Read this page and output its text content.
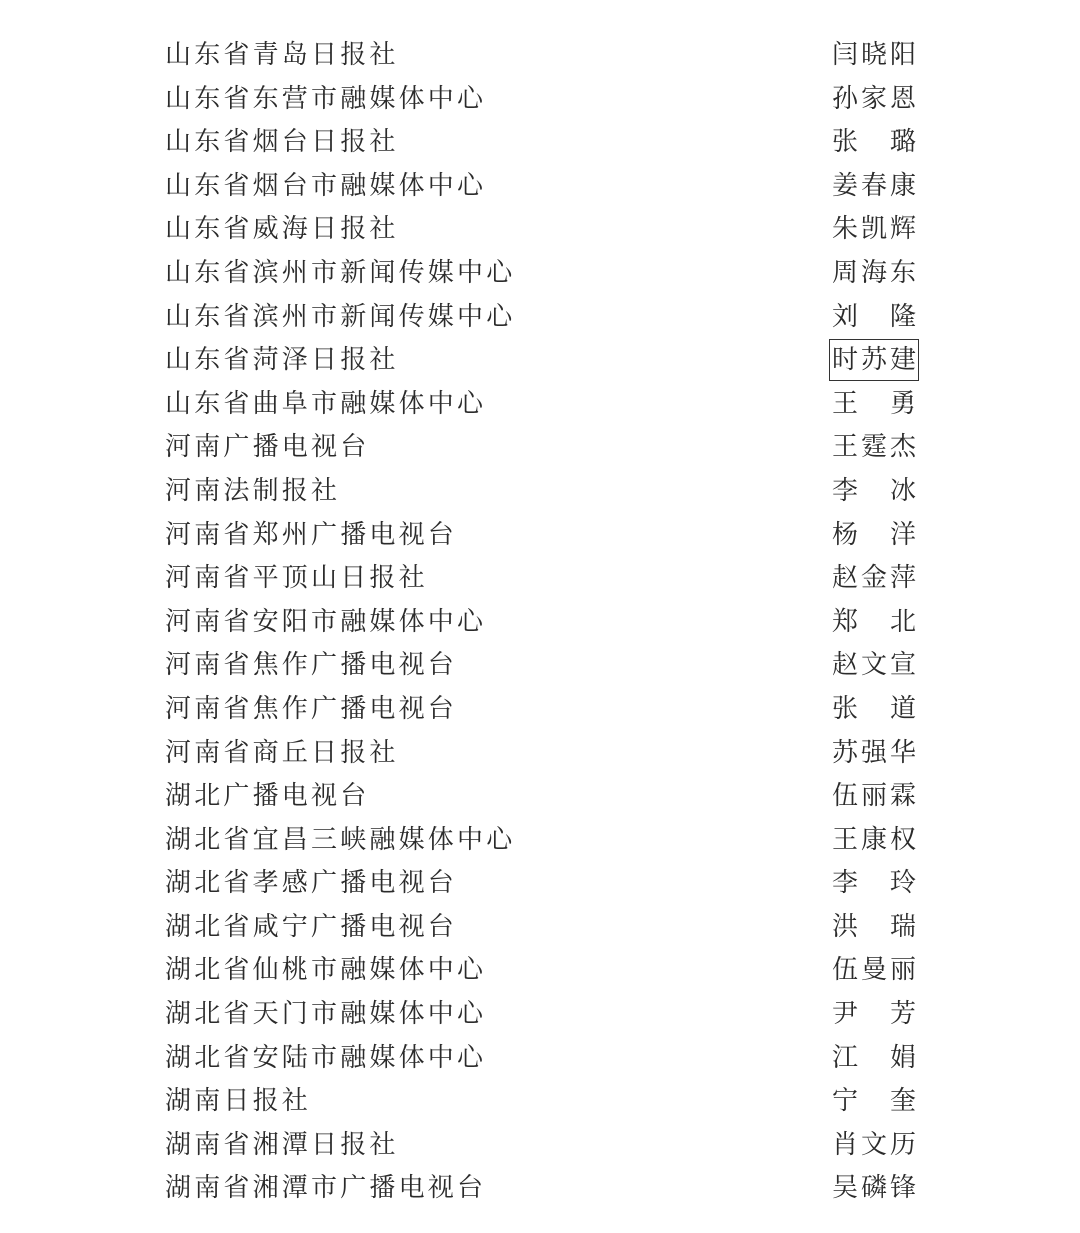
山东省青岛日报社	闫晓阳
山东省东营市融媒体中心	孙家恩
山东省烟台日报社	张璐
山东省烟台市融媒体中心	姜春康
山东省威海日报社	朱凯辉
山东省滨州市新闻传媒中心	周海东
山东省滨州市新闻传媒中心	刘隆
山东省菏泽日报社	时苏建
山东省曲阜市融媒体中心	王勇
河南广播电视台	王霆杰
河南法制报社	李冰
河南省郑州广播电视台	杨洋
河南省平顶山日报社	赵金萍
河南省安阳市融媒体中心	郑北
河南省焦作广播电视台	赵文宣
河南省焦作广播电视台	张道
河南省商丘日报社	苏强华
湖北广播电视台	伍丽霖
湖北省宜昌三峡融媒体中心	王康权
湖北省孝感广播电视台	李玲
湖北省咸宁广播电视台	洪瑞
湖北省仙桃市融媒体中心	伍曼丽
湖北省天门市融媒体中心	尹芳
湖北省安陆市融媒体中心	江娟
湖南日报社	宁奎
湖南省湘潭日报社	肖文历
湖南省湘潭市广播电视台	吴磷锋
